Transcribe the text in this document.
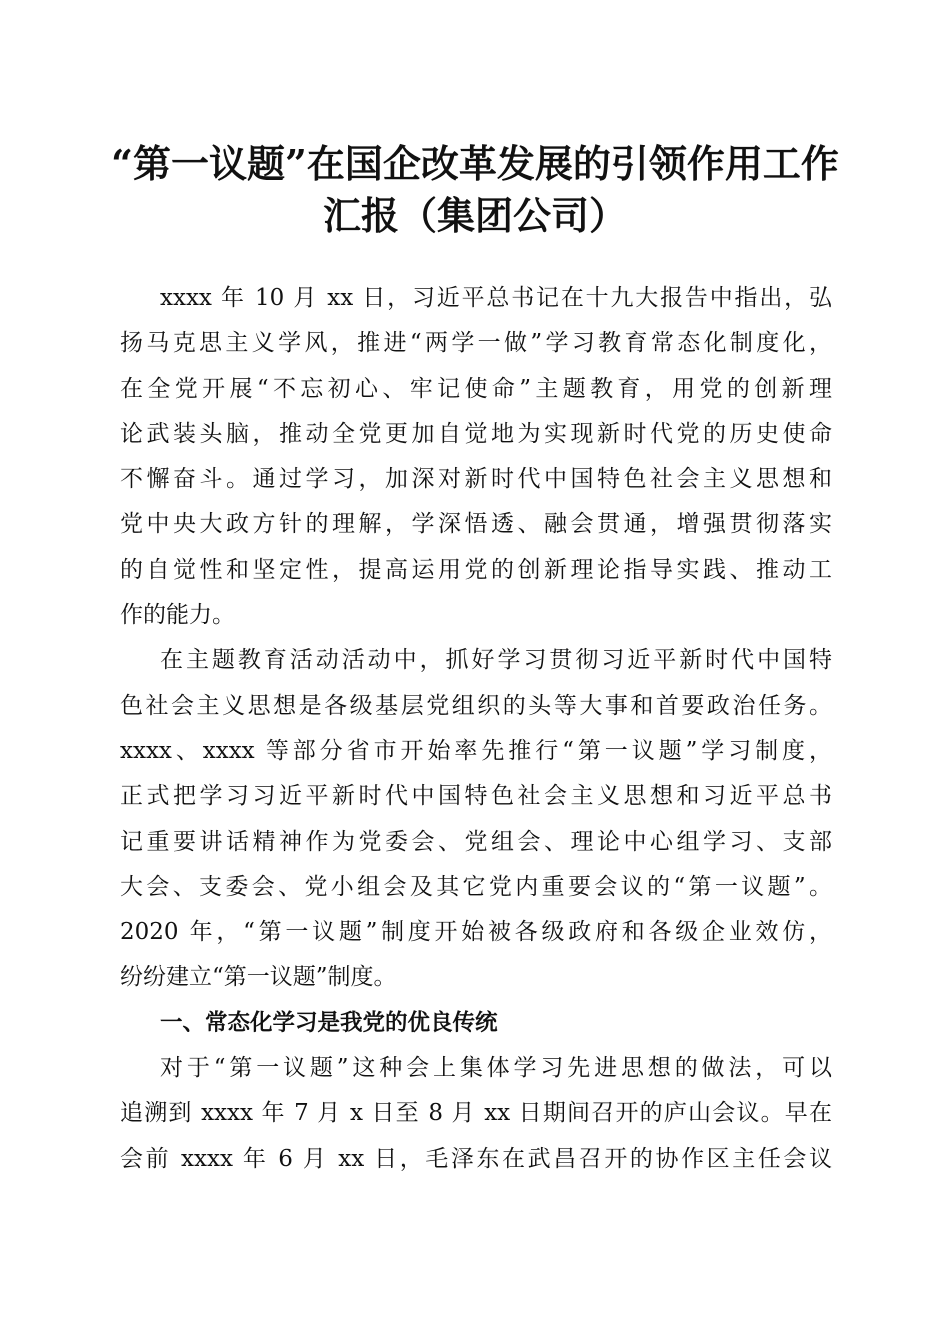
“第一议题”在国企改革发展的引领作用工作
汇报（集团公司）
xxxx 年 10 月 xx 日，习近平总书记在十九大报告中指出，弘
扬马克思主义学风，推进“两学一做”学习教育常态化制度化，
在全党开展“不忘初心、牢记使命”主题教育，用党的创新理
论武装头脑，推动全党更加自觉地为实现新时代党的历史使命
不懈奋斗。通过学习，加深对新时代中国特色社会主义思想和
党中央大政方针的理解，学深悟透、融会贯通，增强贯彻落实
的自觉性和坚定性，提高运用党的创新理论指导实践、推动工
作的能力。
在主题教育活动活动中，抓好学习贯彻习近平新时代中国特
色社会主义思想是各级基层党组织的头等大事和首要政治任务。
xxxx、xxxx 等部分省市开始率先推行“第一议题”学习制度，
正式把学习习近平新时代中国特色社会主义思想和习近平总书
记重要讲话精神作为党委会、党组会、理论中心组学习、支部
大会、支委会、党小组会及其它党内重要会议的“第一议题”。
2020 年，“第一议题”制度开始被各级政府和各级企业效仿，
纷纷建立“第一议题”制度。
一、常态化学习是我党的优良传统
对于“第一议题”这种会上集体学习先进思想的做法，可以
追溯到 xxxx 年 7 月 x 日至 8 月 xx 日期间召开的庐山会议。早在
会前 xxxx 年 6 月 xx 日，毛泽东在武昌召开的协作区主任会议
